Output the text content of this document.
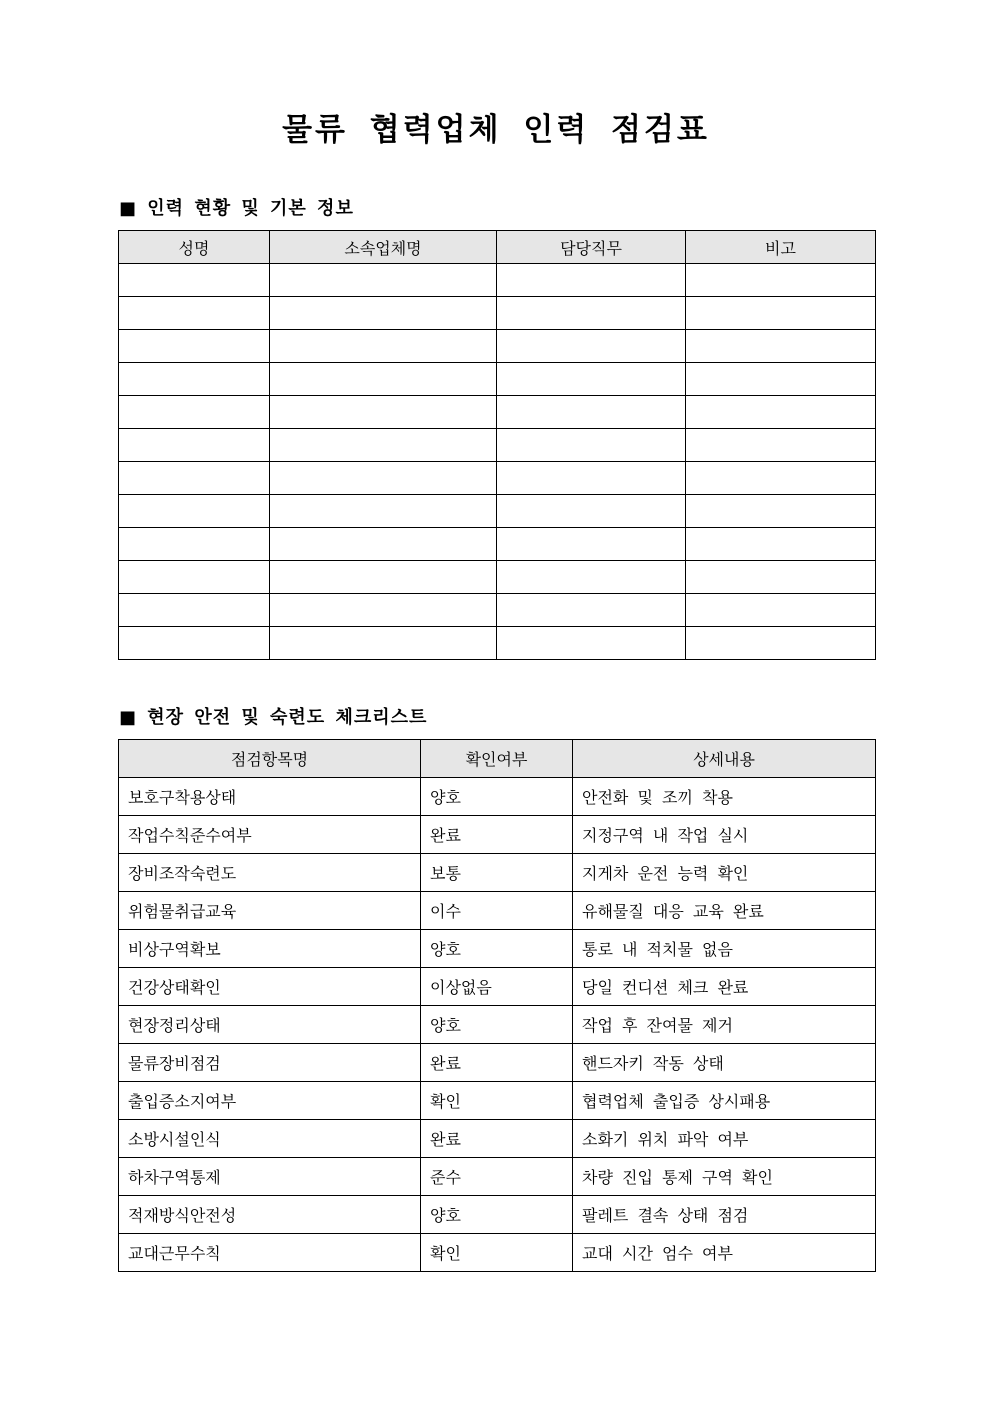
물류 협력업체 인력 점검표
■ 인력 현황 및 기본 정보
성명	소속업체명	담당직무	비고

■ 현장 안전 및 숙련도 체크리스트
점검항목명	확인여부	상세내용
보호구착용상태	양호	안전화 및 조끼 착용
작업수칙준수여부	완료	지정구역 내 작업 실시
장비조작숙련도	보통	지게차 운전 능력 확인
위험물취급교육	이수	유해물질 대응 교육 완료
비상구역확보	양호	통로 내 적치물 없음
건강상태확인	이상없음	당일 컨디션 체크 완료
현장정리상태	양호	작업 후 잔여물 제거
물류장비점검	완료	핸드자키 작동 상태
출입증소지여부	확인	협력업체 출입증 상시패용
소방시설인식	완료	소화기 위치 파악 여부
하차구역통제	준수	차량 진입 통제 구역 확인
적재방식안전성	양호	팔레트 결속 상태 점검
교대근무수칙	확인	교대 시간 엄수 여부
